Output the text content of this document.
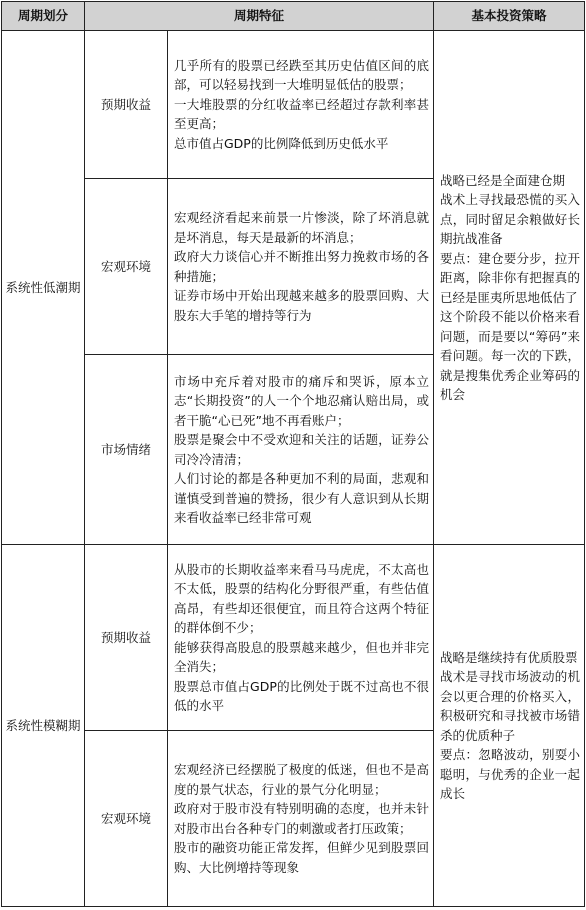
周期划分	周期特征		基本投资策略
系统性低潮期	预期收益	几乎所有的股票已经跌至其历史估值区间的底部，可以轻易找到一大堆明显低估的股票；
一大堆股票的分红收益率已经超过存款利率甚至更高；
总市值占GDP的比例降低到历史低水平	战略已经是全面建仓期
战术上寻找最恐慌的买入点，同时留足余粮做好长期抗战准备
要点：建仓要分步，拉开距离，除非你有把握真的已经是匪夷所思地低估了
这个阶段不能以价格来看问题，而是要以“筹码”来看问题。每一次的下跌，就是搜集优秀企业筹码的机会

	宏观环境	宏观经济看起来前景一片惨淡，除了坏消息就是坏消息，每天是最新的坏消息；
政府大力谈信心并不断推出努力挽救市场的各种措施；
证券市场中开始出现越来越多的股票回购、大股东大手笔的增持等行为	

	市场情绪	市场中充斥着对股市的痛斥和哭诉，原本立志“长期投资”的人一个个地忍痛认赔出局，或者干脆“心已死”地不再看账户；
股票是聚会中不受欢迎和关注的话题，证券公司冷冷清清；
人们讨论的都是各种更加不利的局面，悲观和谨慎受到普遍的赞扬，很少有人意识到从长期来看收益率已经非常可观	

系统性模糊期	预期收益	从股市的长期收益率来看马马虎虎，不太高也不太低，股票的结构化分野很严重，有些估值高昂，有些却还很便宜，而且符合这两个特征的群体倒不少；
能够获得高股息的股票越来越少，但也并非完全消失；
股票总市值占GDP的比例处于既不过高也不很低的水平	战略是继续持有优质股票
战术是寻找市场波动的机会以更合理的价格买入，积极研究和寻找被市场错杀的优质种子
要点：忽略波动，别耍小聪明，与优秀的企业一起成长

	宏观环境	宏观经济已经摆脱了极度的低迷，但也不是高度的景气状态，行业的景气分化明显；
政府对于股市没有特别明确的态度，也并未针对股市出台各种专门的刺激或者打压政策；
股市的融资功能正常发挥，但鲜少见到股票回购、大比例增持等现象	
